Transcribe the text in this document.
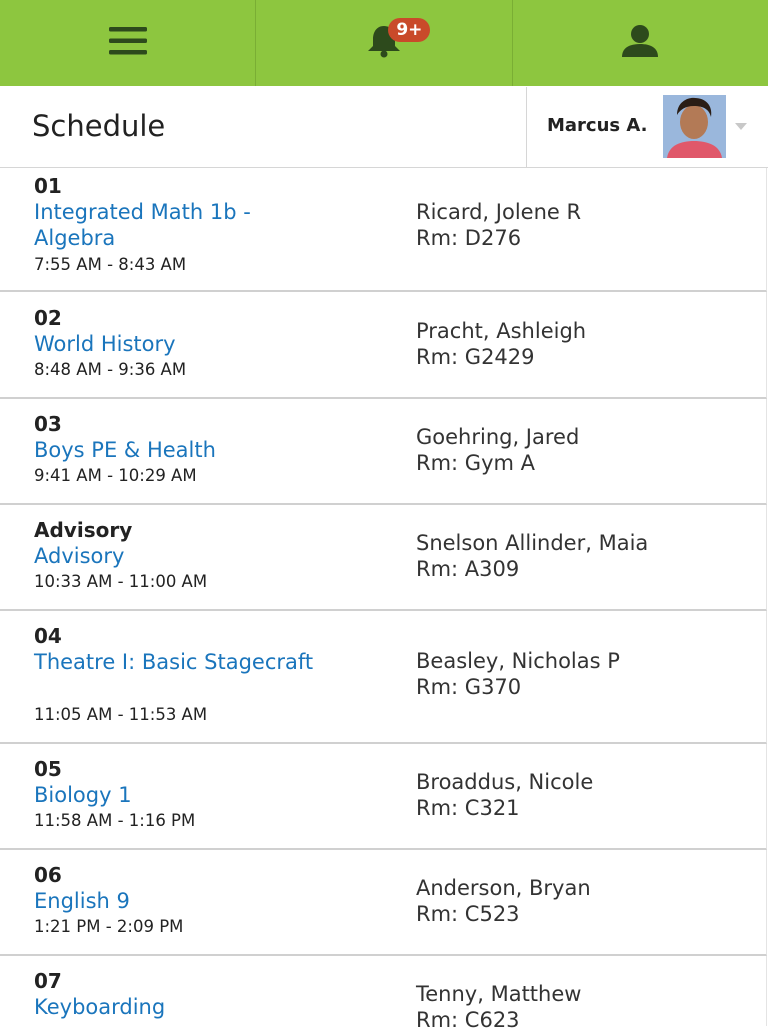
9+
Schedule	Marcus A.
01
Integrated Math 1b - Algebra
7:55 AM - 8:43 AM
Ricard, Jolene R
Rm: D276
02
World History
8:48 AM - 9:36 AM
Pracht, Ashleigh
Rm: G2429
03
Boys PE & Health
9:41 AM - 10:29 AM
Goehring, Jared
Rm: Gym A
Advisory
Advisory
10:33 AM - 11:00 AM
Snelson Allinder, Maia
Rm: A309
04
Theatre I: Basic Stagecraft
11:05 AM - 11:53 AM
Beasley, Nicholas P
Rm: G370
05
Biology 1
11:58 AM - 1:16 PM
Broaddus, Nicole
Rm: C321
06
English 9
1:21 PM - 2:09 PM
Anderson, Bryan
Rm: C523
07
Keyboarding
Tenny, Matthew
Rm: C623
